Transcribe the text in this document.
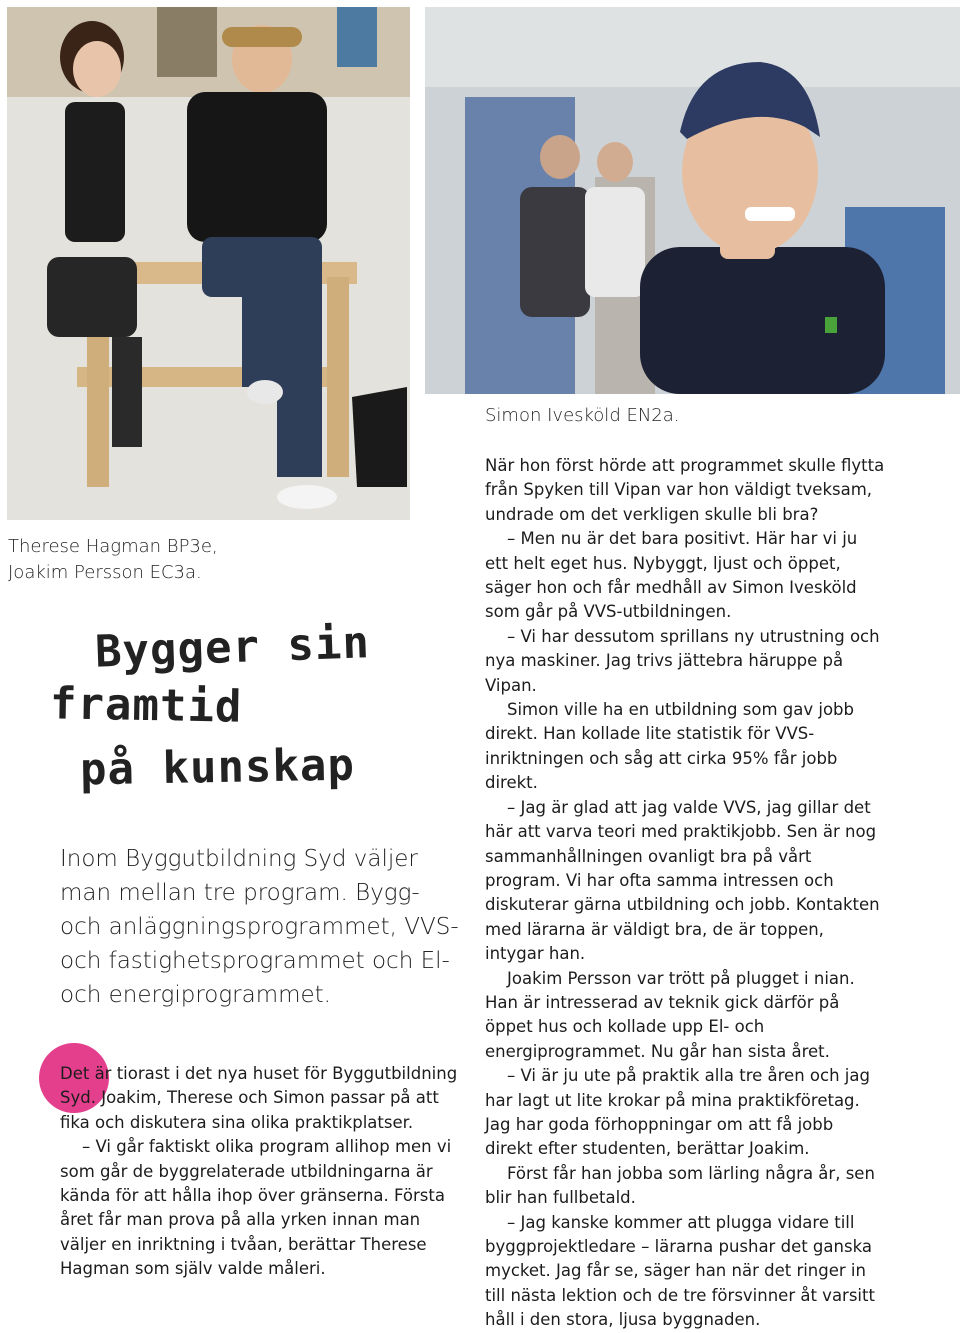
Therese Hagman BP3e,
Joakim Persson EC3a.
Simon Ivesköld EN2a.
Bygger sin
framtid
på kunskap

Inom Byggutbildning Syd väljer man mellan tre program. Bygg- och anläggningsprogrammet, VVS- och fastighetsprogrammet och El- och energiprogrammet.

Det är tiorast i det nya huset för Byggutbildning Syd. Joakim, Therese och Simon passar på att fika och diskutera sina olika praktikplatser.

– Vi går faktiskt olika program allihop men vi som går de byggrelaterade utbildningarna är kända för att hålla ihop över gränserna. Första året får man prova på alla yrken innan man väljer en inriktning i tvåan, berättar Therese Hagman som själv valde måleri.

När hon först hörde att programmet skulle flytta från Spyken till Vipan var hon väldigt tveksam, undrade om det verkligen skulle bli bra?

– Men nu är det bara positivt. Här har vi ju ett helt eget hus. Nybyggt, ljust och öppet, säger hon och får medhåll av Simon Ivesköld som går på VVS-utbildningen.

– Vi har dessutom sprillans ny utrustning och nya maskiner. Jag trivs jättebra häruppe på Vipan.

Simon ville ha en utbildning som gav jobb direkt. Han kollade lite statistik för VVS-inriktningen och såg att cirka 95% får jobb direkt.

– Jag är glad att jag valde VVS, jag gillar det här att varva teori med praktikjobb. Sen är nog sammanhållningen ovanligt bra på vårt program. Vi har ofta samma intressen och diskuterar gärna utbildning och jobb. Kontakten med lärarna är väldigt bra, de är toppen, intygar han.

Joakim Persson var trött på plugget i nian. Han är intresserad av teknik gick därför på öppet hus och kollade upp El- och energiprogrammet. Nu går han sista året.

– Vi är ju ute på praktik alla tre åren och jag har lagt ut lite krokar på mina praktikföretag. Jag har goda förhoppningar om att få jobb direkt efter studenten, berättar Joakim.

Först får han jobba som lärling några år, sen blir han fullbetald.

– Jag kanske kommer att plugga vidare till byggprojektledare – lärarna pushar det ganska mycket. Jag får se, säger han när det ringer in till nästa lektion och de tre försvinner åt varsitt håll i den stora, ljusa byggnaden.
